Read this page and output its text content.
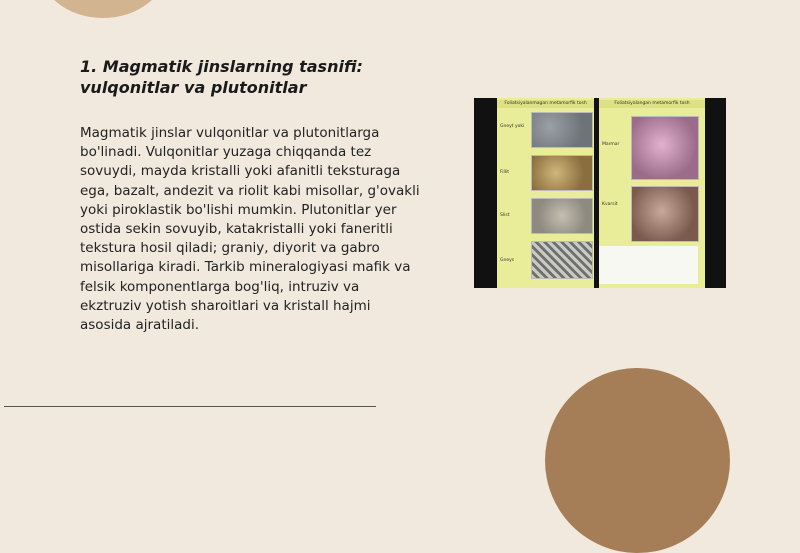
1. Magmatik jinslarning tasnifi: vulqonitlar va plutonitlar

Magmatik jinslar vulqonitlar va plutonitlarga bo'linadi. Vulqonitlar yuzaga chiqqanda tez sovuydi, mayda kristalli yoki afanitli teksturaga ega, bazalt, andezit va riolit kabi misollar, g'ovakli yoki piroklastik bo'lishi mumkin. Plutonitlar yer ostida sekin sovuyib, katakristalli yoki faneritli tekstura hosil qiladi; graniy, diyorit va gabro misollariga kiradi. Tarkib mineralogiyasi mafik va felsik komponentlarga bog'liq, intruziv va ekztruziv yotish sharoitlari va kristall hajmi asosida ajratiladi.

Foliatsiyalanmagan metamorfik tosh
Gneyt yoki
Fillit
Slist
Gneys
Foliatsiyalangan metamorfik tosh
Marmar
Kvarsit
